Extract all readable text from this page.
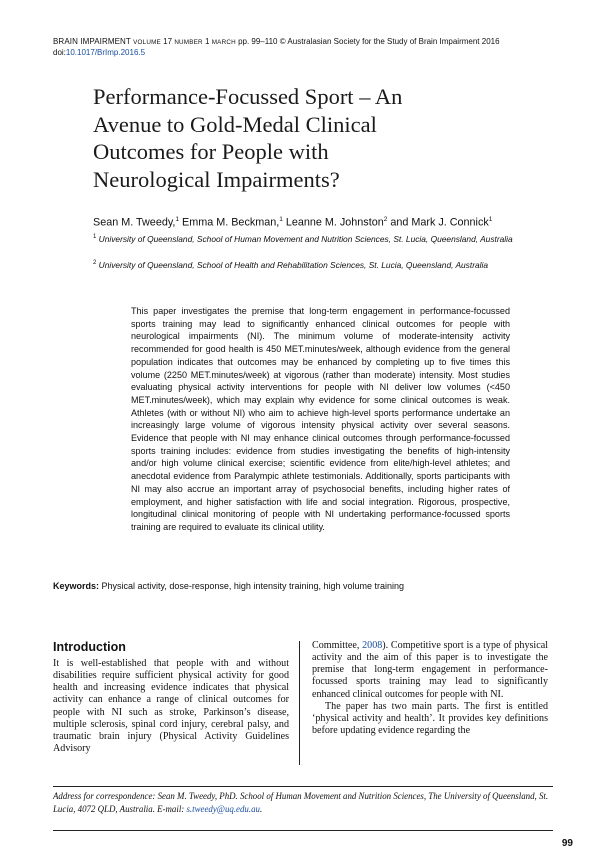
BRAIN IMPAIRMENT VOLUME 17 NUMBER 1 MARCH pp. 99–110 © Australasian Society for the Study of Brain Impairment 2016
doi:10.1017/BrImp.2016.5
Performance-Focussed Sport – An
Avenue to Gold-Medal Clinical
Outcomes for People with
Neurological Impairments?
Sean M. Tweedy,$^1$ Emma M. Beckman,$^1$ Leanne M. Johnston$^2$ and Mark J. Connick$^1$
$^1$ University of Queensland, School of Human Movement and Nutrition Sciences, St. Lucia, Queensland, Australia
$^2$ University of Queensland, School of Health and Rehabilitation Sciences, St. Lucia, Queensland, Australia

This paper investigates the premise that long-term engagement in performance-focussed sports training may lead to significantly enhanced clinical outcomes for people with neurological impairments (NI). The minimum volume of moderate-intensity activity recommended for good health is 450 MET.minutes/week, although evidence from the general population indicates that outcomes may be enhanced by completing up to five times this volume (2250 MET.minutes/week) at vigorous (rather than moderate) intensity. Most studies evaluating physical activity interventions for people with NI deliver low volumes (<450 MET.minutes/week), which may explain why evidence for some clinical outcomes is weak. Athletes (with or without NI) who aim to achieve high-level sports performance undertake an increasingly large volume of vigorous intensity physical activity over several seasons. Evidence that people with NI may enhance clinical outcomes through performance-focussed sports training includes: evidence from studies investigating the benefits of high-intensity and/or high volume clinical exercise; scientific evidence from elite/high-level athletes; and anecdotal evidence from Paralympic athlete testimonials. Additionally, sports participants with NI may also accrue an important array of psychosocial benefits, including higher rates of employment, and higher satisfaction with life and social integration. Rigorous, prospective, longitudinal clinical monitoring of people with NI undertaking performance-focussed sports training are required to evaluate its clinical utility.

Keywords: Physical activity, dose-response, high intensity training, high volume training
Introduction

It is well-established that people with and without disabilities require sufficient physical activity for good health and increasing evidence indicates that physical activity can enhance a range of clinical outcomes for people with NI such as stroke, Parkinson’s disease, multiple sclerosis, spinal cord injury, cerebral palsy, and traumatic brain injury (Physical Activity Guidelines Advisory

Committee, 2008). Competitive sport is a type of physical activity and the aim of this paper is to investigate the premise that long-term engagement in performance-focussed sports training may lead to significantly enhanced clinical outcomes for people with NI.

The paper has two main parts. The first is entitled ‘physical activity and health’. It provides key definitions before updating evidence regarding the

Address for correspondence: Sean M. Tweedy, PhD. School of Human Movement and Nutrition Sciences, The University of Queensland, St. Lucia, 4072 QLD, Australia. E-mail: s.tweedy@uq.edu.au.
99
